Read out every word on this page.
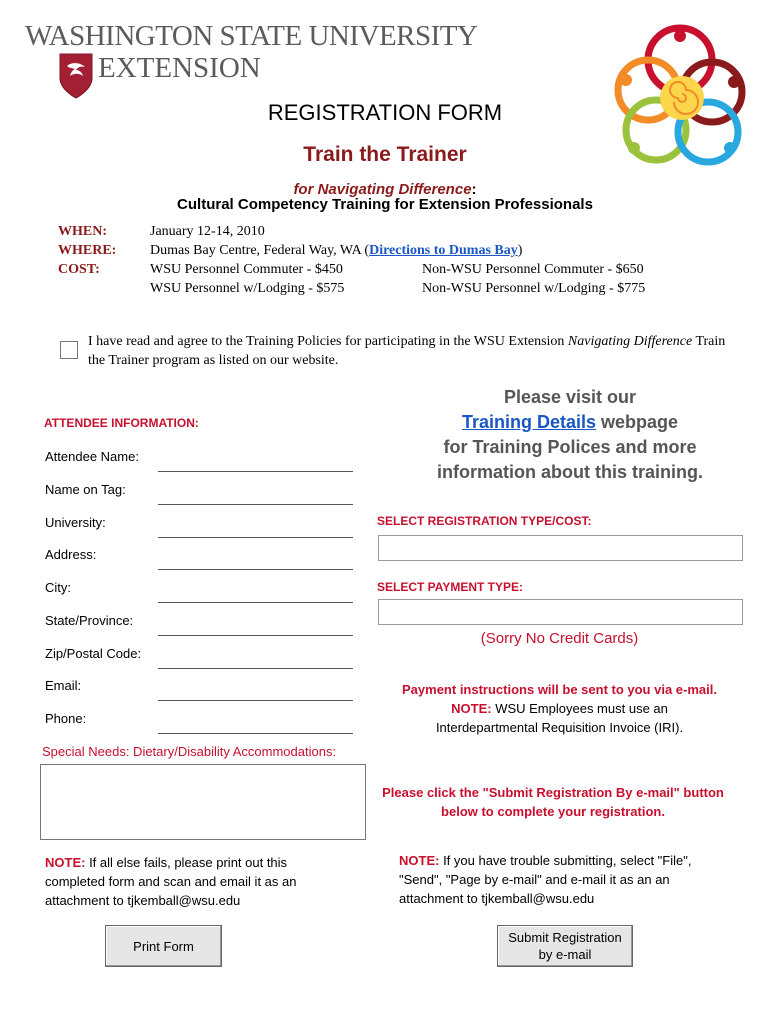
WASHINGTON STATE UNIVERSITY
EXTENSION
REGISTRATION FORM
Train the Trainer
for Navigating Difference:
Cultural Competency Training for Extension Professionals
WHEN:
WHERE:
COST:
January 12-14, 2010
Dumas Bay Centre, Federal Way, WA (Directions to Dumas Bay)
WSU Personnel Commuter - $450	Non-WSU Personnel Commuter - $650
WSU Personnel w/Lodging - $575	Non-WSU Personnel w/Lodging - $775
I have read and agree to the Training Policies for participating in the WSU Extension Navigating Difference Train the Trainer program as listed on our website.
Please visit our
Training Details webpage
for Training Polices and more
information about this training.
ATTENDEE INFORMATION:
Attendee Name:
Name on Tag:
University:
Address:
City:
State/Province:
Zip/Postal Code:
Email:
Phone:
SELECT REGISTRATION TYPE/COST:
SELECT PAYMENT TYPE:
(Sorry No Credit Cards)
Payment instructions will be sent to you via e-mail.
NOTE: WSU Employees must use an
Interdepartmental Requisition Invoice (IRI).
Please click the "Submit Registration By e-mail" button
below to complete your registration.
Special Needs: Dietary/Disability Accommodations:
NOTE: If all else fails, please print out this completed form and scan and email it as an attachment to tjkemball@wsu.edu
NOTE: If you have trouble submitting, select "File", "Send", "Page by e-mail" and e-mail it as an an attachment to tjkemball@wsu.edu
Print Form
Submit Registration
by e-mail
